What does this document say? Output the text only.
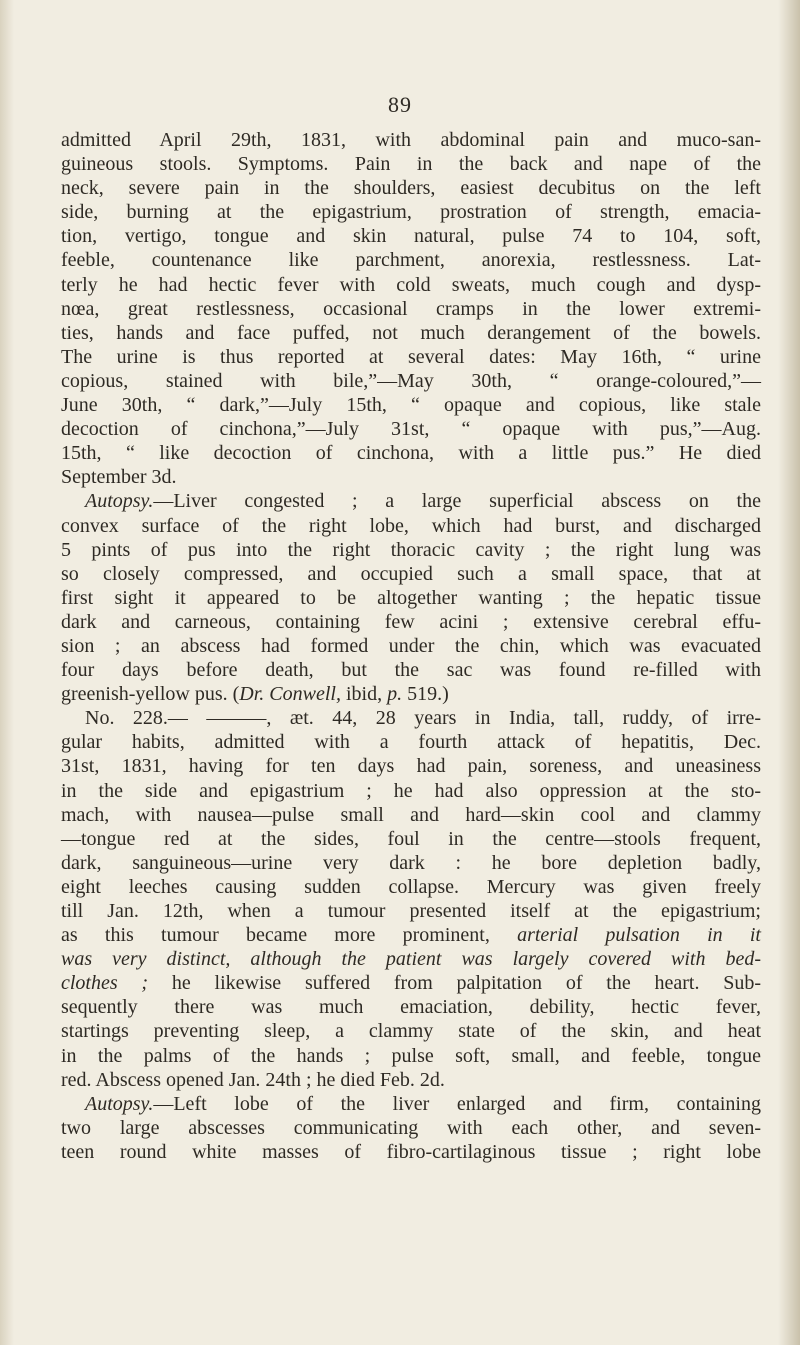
89
admitted April 29th, 1831, with abdominal pain and muco-san-
guineous stools. Symptoms. Pain in the back and nape of the
neck, severe pain in the shoulders, easiest decubitus on the left
side, burning at the epigastrium, prostration of strength, emacia-
tion, vertigo, tongue and skin natural, pulse 74 to 104, soft,
feeble, countenance like parchment, anorexia, restlessness. Lat-
terly he had hectic fever with cold sweats, much cough and dysp-
nœa, great restlessness, occasional cramps in the lower extremi-
ties, hands and face puffed, not much derangement of the bowels.
The urine is thus reported at several dates: May 16th, “ urine
copious, stained with bile,”—May 30th, “ orange-coloured,”—
June 30th, “ dark,”—July 15th, “ opaque and copious, like stale
decoction of cinchona,”—July 31st, “ opaque with pus,”—Aug.
15th, “ like decoction of cinchona, with a little pus.” He died
September 3d.
Autopsy.—Liver congested ; a large superficial abscess on the
convex surface of the right lobe, which had burst, and discharged
5 pints of pus into the right thoracic cavity ; the right lung was
so closely compressed, and occupied such a small space, that at
first sight it appeared to be altogether wanting ; the hepatic tissue
dark and carneous, containing few acini ; extensive cerebral effu-
sion ; an abscess had formed under the chin, which was evacuated
four days before death, but the sac was found re-filled with
greenish-yellow pus. (Dr. Conwell, ibid, p. 519.)
No. 228.— ———, æt. 44, 28 years in India, tall, ruddy, of irre-
gular habits, admitted with a fourth attack of hepatitis, Dec.
31st, 1831, having for ten days had pain, soreness, and uneasiness
in the side and epigastrium ; he had also oppression at the sto-
mach, with nausea—pulse small and hard—skin cool and clammy
—tongue red at the sides, foul in the centre—stools frequent,
dark, sanguineous—urine very dark : he bore depletion badly,
eight leeches causing sudden collapse. Mercury was given freely
till Jan. 12th, when a tumour presented itself at the epigastrium;
as this tumour became more prominent, arterial pulsation in it
was very distinct, although the patient was largely covered with bed-
clothes ; he likewise suffered from palpitation of the heart. Sub-
sequently there was much emaciation, debility, hectic fever,
startings preventing sleep, a clammy state of the skin, and heat
in the palms of the hands ; pulse soft, small, and feeble, tongue
red. Abscess opened Jan. 24th ; he died Feb. 2d.
Autopsy.—Left lobe of the liver enlarged and firm, containing
two large abscesses communicating with each other, and seven-
teen round white masses of fibro-cartilaginous tissue ; right lobe
